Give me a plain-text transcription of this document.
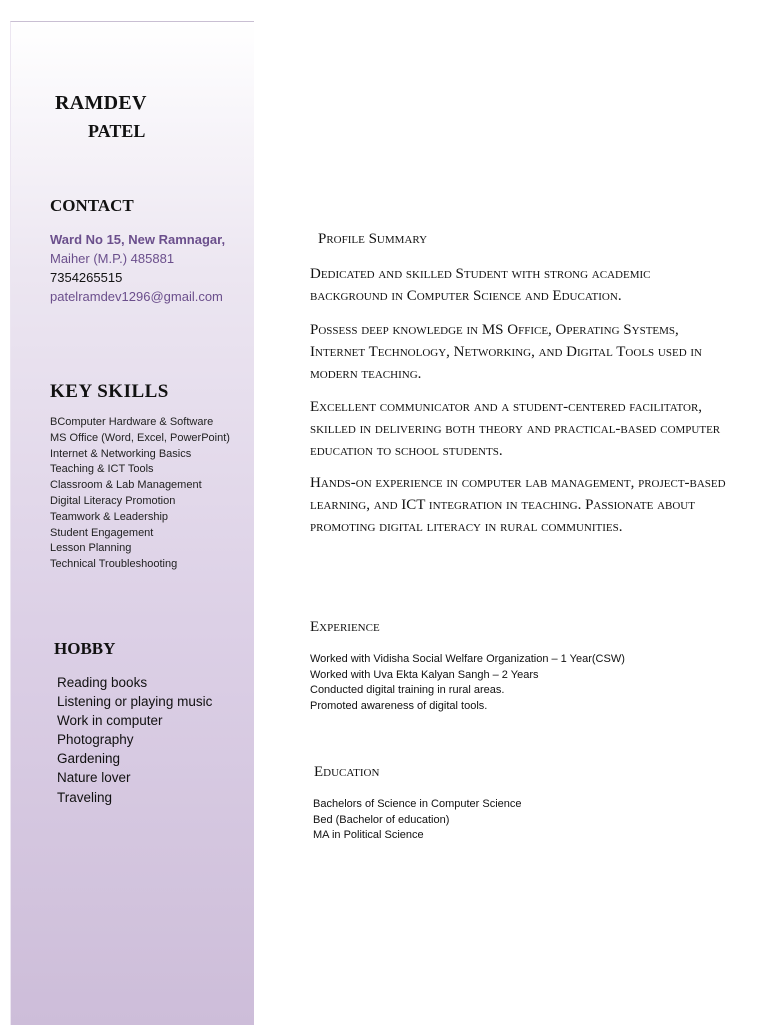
RAMDEV
PATEL
CONTACT
Ward No 15, New Ramnagar,
Maiher (M.P.) 485881
7354265515
patelramdev1296@gmail.com
KEY SKILLS
BComputer Hardware & Software
MS Office (Word, Excel, PowerPoint)
Internet & Networking Basics
Teaching & ICT Tools
Classroom & Lab Management
Digital Literacy Promotion
Teamwork & Leadership
Student Engagement
Lesson Planning
Technical Troubleshooting
HOBBY
Reading books
Listening or playing music
Work in computer
Photography
Gardening
Nature lover
Traveling
Profile Summary
Dedicated and skilled Student with strong academic background in Computer Science and Education.
Possess deep knowledge in MS Office, Operating Systems, Internet Technology, Networking, and Digital Tools used in modern teaching.
Excellent communicator and a student-centered facilitator, skilled in delivering both theory and practical-based computer education to school students.
Hands-on experience in computer lab management, project-based learning, and ICT integration in teaching. Passionate about promoting digital literacy in rural communities.
Experience
Worked with Vidisha Social Welfare Organization – 1 Year(CSW)
Worked with Uva Ekta Kalyan Sangh – 2 Years
Conducted digital training in rural areas.
Promoted awareness of digital tools.
Education
Bachelors of Science in Computer Science
Bed (Bachelor of education)
MA in Political Science
